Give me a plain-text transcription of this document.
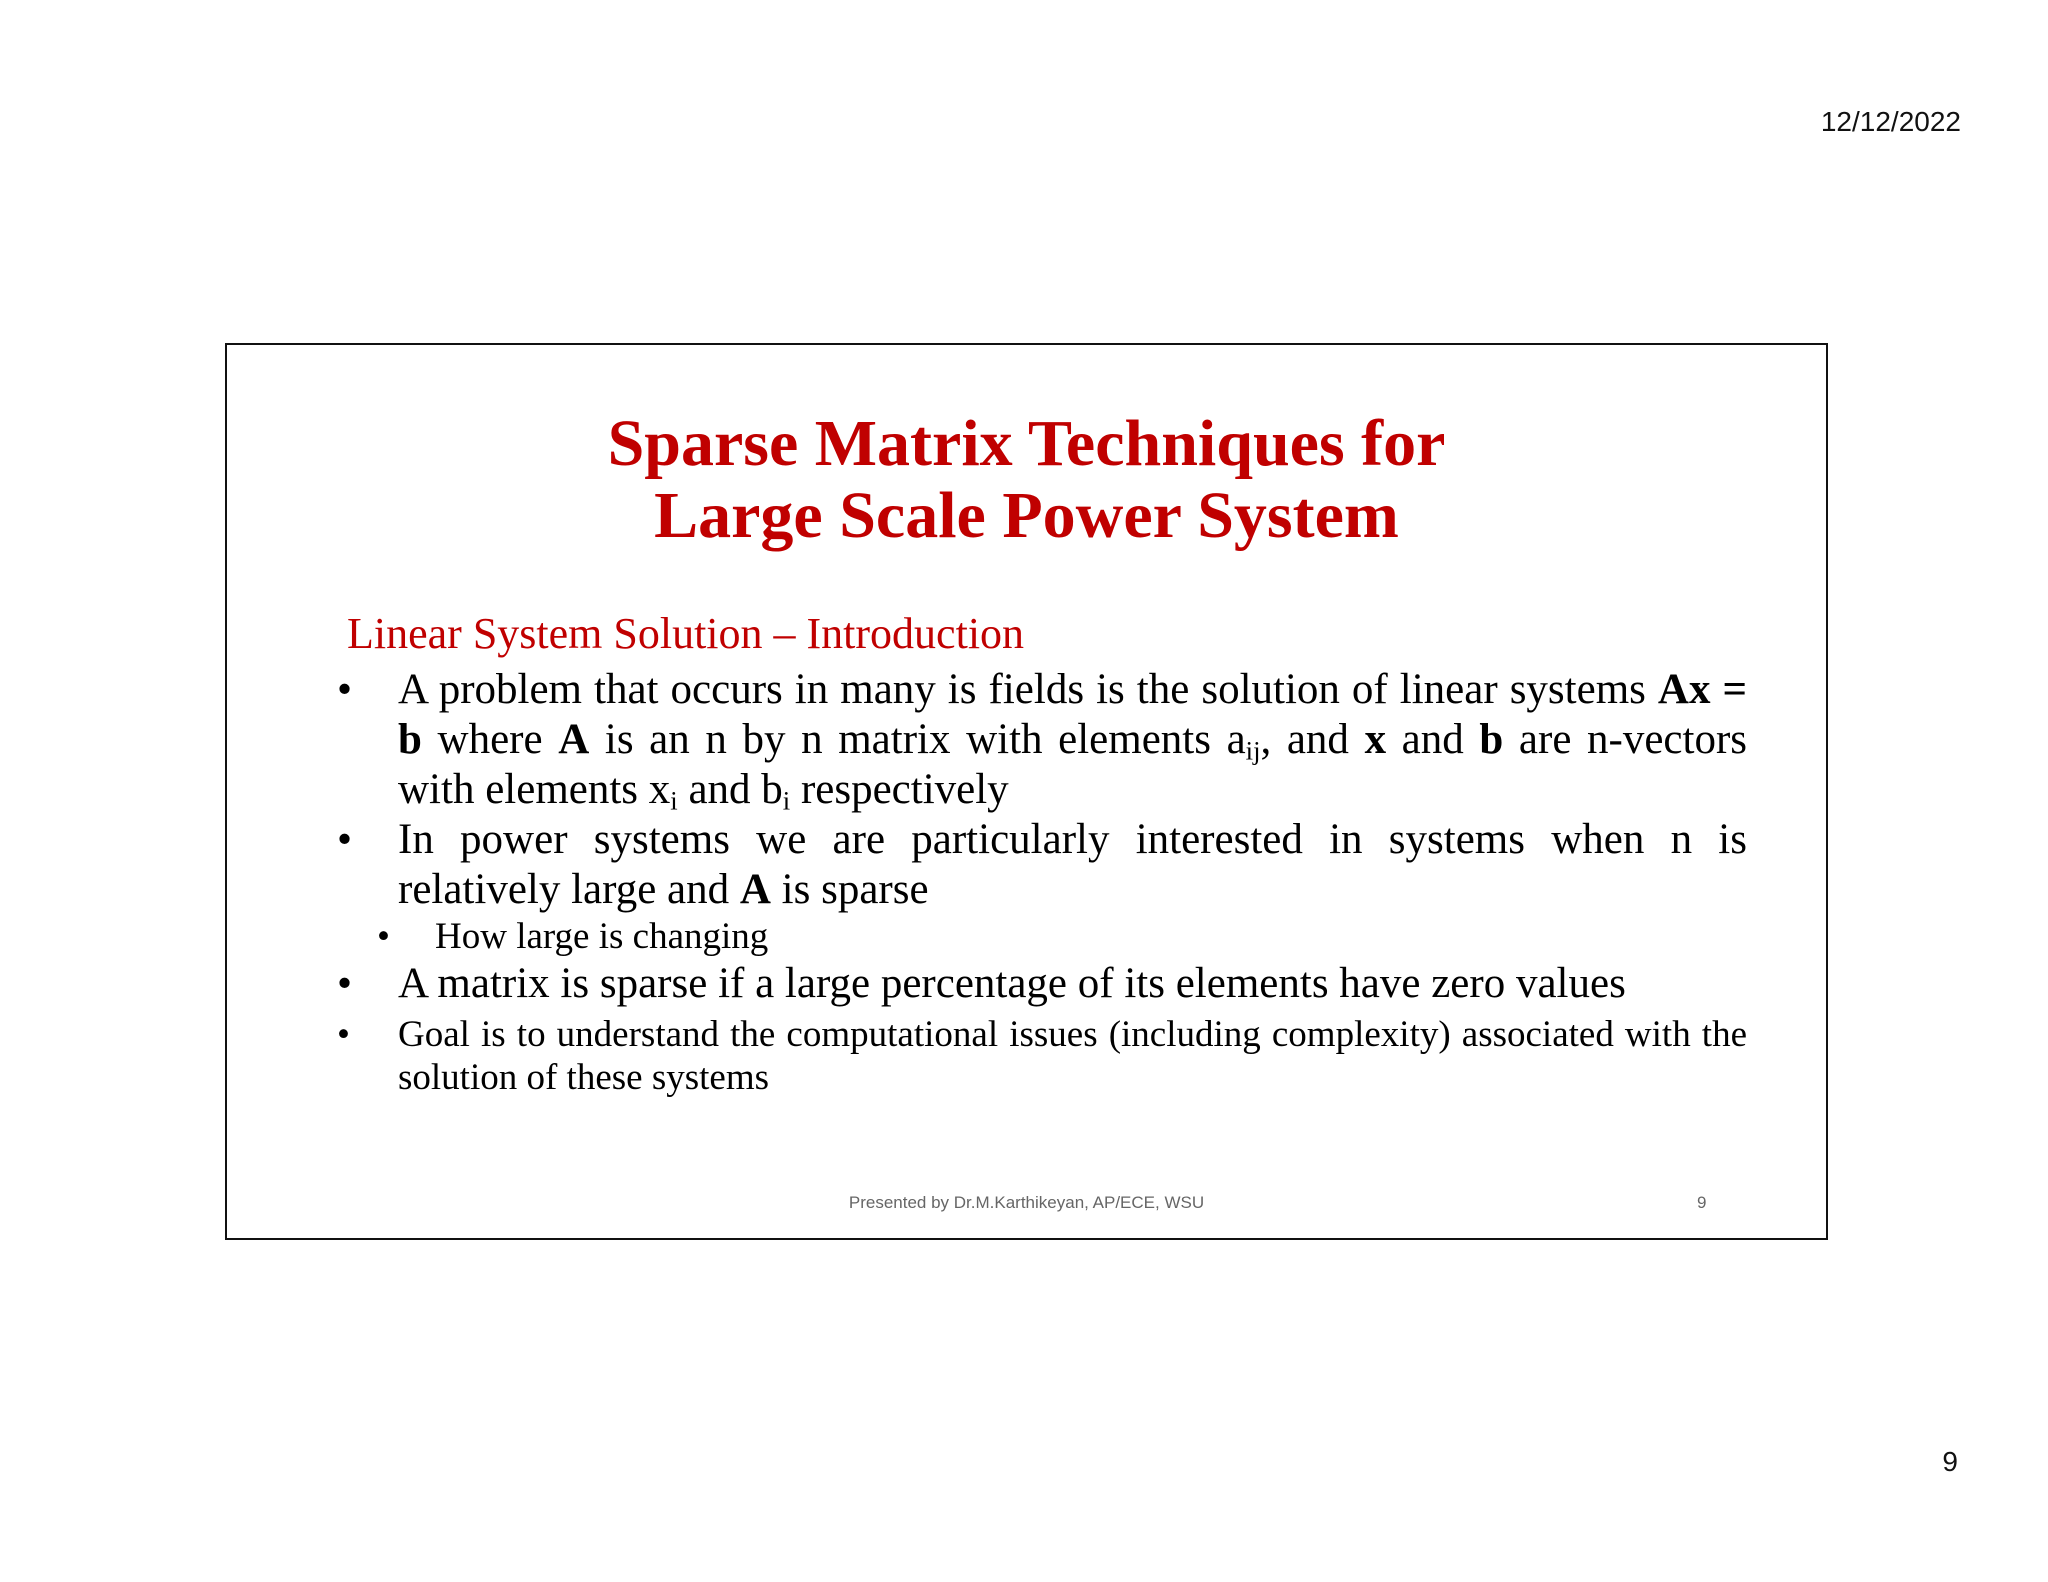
12/12/2022
Sparse Matrix Techniques for
Large Scale Power System
Linear System Solution – Introduction
• A problem that occurs in many is fields is the solution of linear systems Ax = b where A is an n by n matrix with elements $a_{ij}$, and x and b are n-vectors with elements $x_i$ and $b_i$ respectively
• In power systems we are particularly interested in systems when n is relatively large and A is sparse
• How large is changing
• A matrix is sparse if a large percentage of its elements have zero values
• Goal is to understand the computational issues (including complexity) associated with the solution of these systems
Presented by Dr.M.Karthikeyan, AP/ECE, WSU	9
9
